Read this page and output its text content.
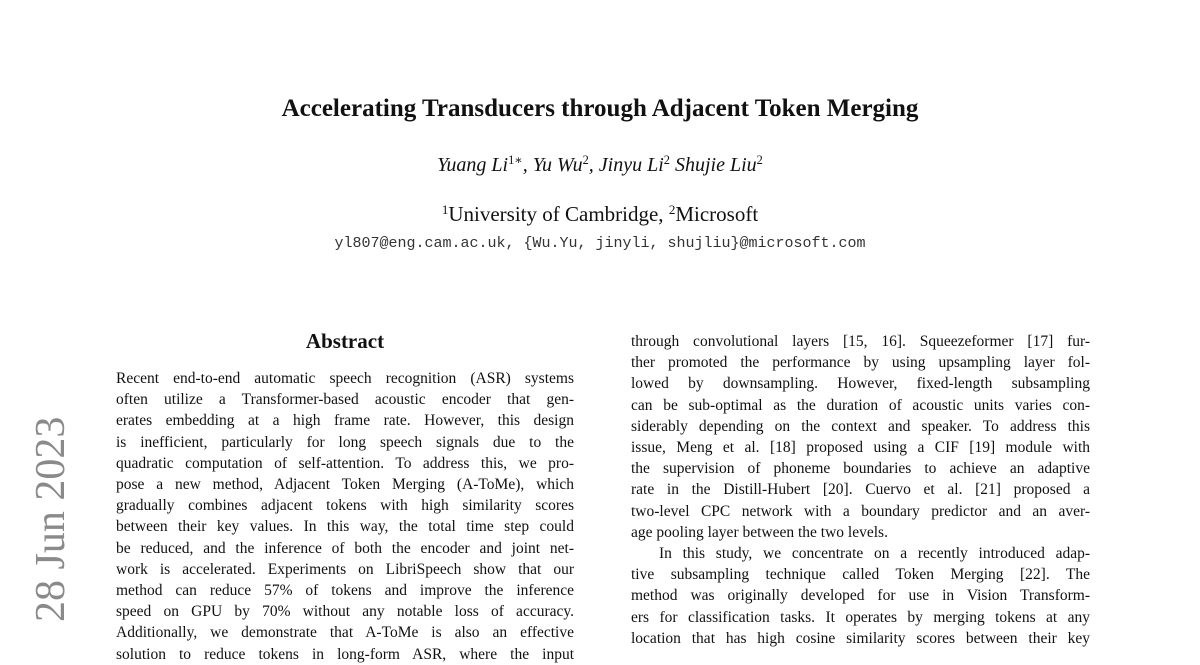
Accelerating Transducers through Adjacent Token Merging
Yuang $Li^{1∗}$, Yu Wu$^2$, Jinyu Li$^2$ Shujie Liu$^2$
$^1$University of Cambridge, $^2$Microsoft
yl807@eng.cam.ac.uk, {Wu.Yu, jinyli, shujliu}@microsoft.com
Abstract
Recent end-to-end automatic speech recognition (ASR) systems
often utilize a Transformer-based acoustic encoder that gen-
erates embedding at a high frame rate. However, this design
is inefficient, particularly for long speech signals due to the
quadratic computation of self-attention. To address this, we pro-
pose a new method, Adjacent Token Merging (A-ToMe), which
gradually combines adjacent tokens with high similarity scores
between their key values. In this way, the total time step could
be reduced, and the inference of both the encoder and joint net-
work is accelerated. Experiments on LibriSpeech show that our
method can reduce 57% of tokens and improve the inference
speed on GPU by 70% without any notable loss of accuracy.
Additionally, we demonstrate that A-ToMe is also an effective
solution to reduce tokens in long-form ASR, where the input
through convolutional layers [15, 16]. Squeezeformer [17] fur-
ther promoted the performance by using upsampling layer fol-
lowed by downsampling. However, fixed-length subsampling
can be sub-optimal as the duration of acoustic units varies con-
siderably depending on the context and speaker. To address this
issue, Meng et al. [18] proposed using a CIF [19] module with
the supervision of phoneme boundaries to achieve an adaptive
rate in the Distill-Hubert [20]. Cuervo et al. [21] proposed a
two-level CPC network with a boundary predictor and an aver-
age pooling layer between the two levels.
In this study, we concentrate on a recently introduced adap-
tive subsampling technique called Token Merging [22]. The
method was originally developed for use in Vision Transform-
ers for classification tasks. It operates by merging tokens at any
location that has high cosine similarity scores between their key
28 Jun 2023
